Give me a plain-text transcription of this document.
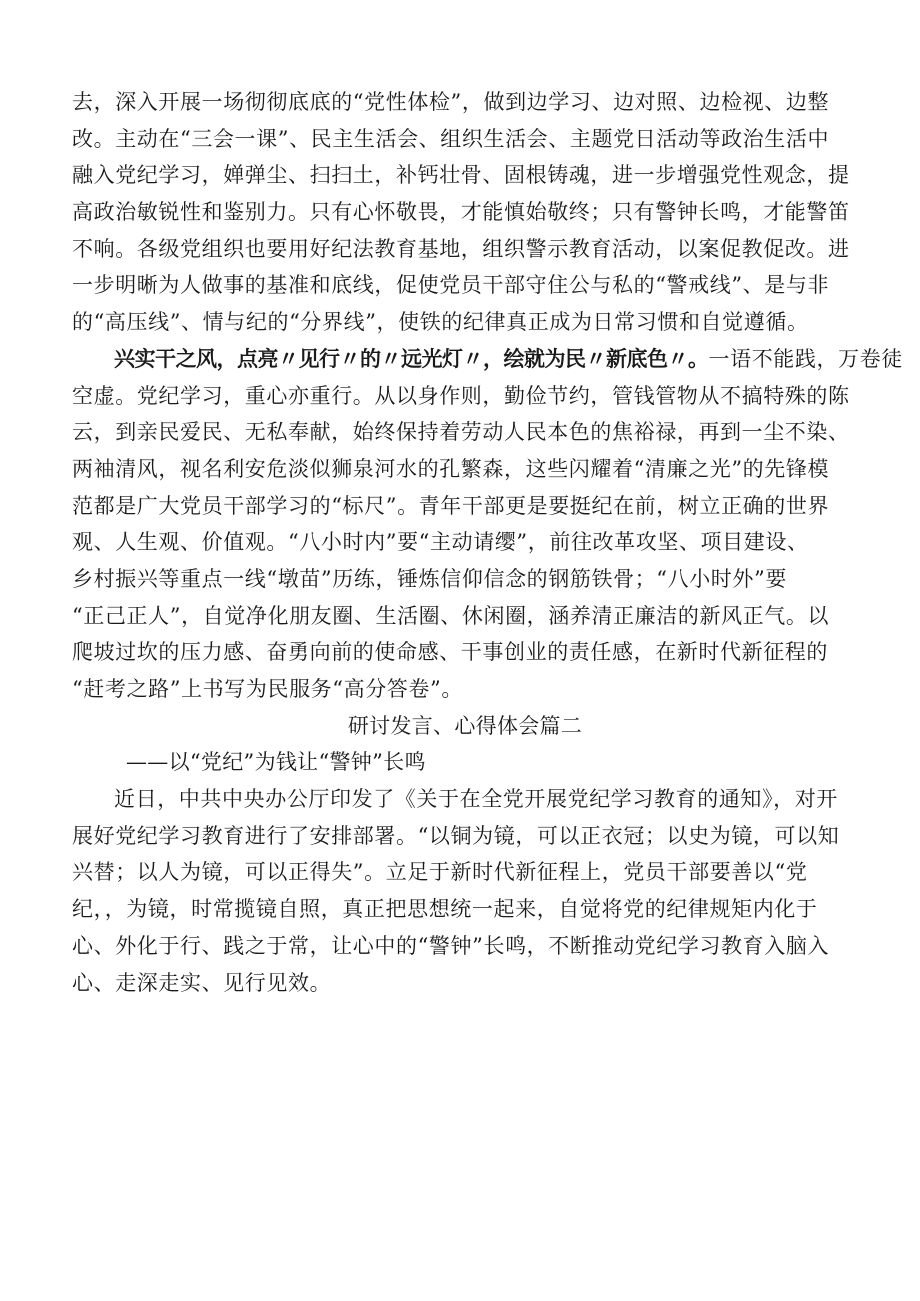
去，深入开展一场彻彻底底的“党性体检”，做到边学习、边对照、边检视、边整
改。主动在“三会一课”、民主生活会、组织生活会、主题党日活动等政治生活中
融入党纪学习，婵弹尘、扫扫土，补钙壮骨、固根铸魂，进一步增强党性观念，提
高政治敏锐性和鉴别力。只有心怀敬畏，才能慎始敬终；只有警钟长鸣，才能警笛
不响。各级党组织也要用好纪法教育基地，组织警示教育活动，以案促教促改。进
一步明晰为人做事的基准和底线，促使党员干部守住公与私的“警戒线”、是与非
的“高压线”、情与纪的“分界线”，使铁的纪律真正成为日常习惯和自觉遵循。
兴实干之风，点亮〃见行〃的〃远光灯〃，绘就为民〃新底色〃。一语不能践，万卷徒
空虚。党纪学习，重心亦重行。从以身作则，勤俭节约，管钱管物从不搞特殊的陈
云，到亲民爱民、无私奉献，始终保持着劳动人民本色的焦裕禄，再到一尘不染、
两袖清风，视名利安危淡似狮泉河水的孔繁森，这些闪耀着“清廉之光”的先锋模
范都是广大党员干部学习的“标尺”。青年干部更是要挺纪在前，树立正确的世界
观、人生观、价值观。“八小时内”要“主动请缨”，前往改革攻坚、项目建设、
乡村振兴等重点一线“墩苗”历练，锤炼信仰信念的钢筋铁骨；“八小时外”要
“正己正人”，自觉净化朋友圈、生活圈、休闲圈，涵养清正廉洁的新风正气。以
爬坡过坎的压力感、奋勇向前的使命感、干事创业的责任感，在新时代新征程的
“赶考之路”上书写为民服务“高分答卷”。
研讨发言、心得体会篇二
——以“党纪”为钱让“警钟”长鸣
近日，中共中央办公厅印发了《关于在全党开展党纪学习教育的通知》，对开
展好党纪学习教育进行了安排部署。“以铜为镜，可以正衣冠；以史为镜，可以知
兴替；以人为镜，可以正得失”。立足于新时代新征程上，党员干部要善以“党
纪，，为镜，时常揽镜自照，真正把思想统一起来，自觉将党的纪律规矩内化于
心、外化于行、践之于常，让心中的“警钟”长鸣，不断推动党纪学习教育入脑入
心、走深走实、见行见效。
